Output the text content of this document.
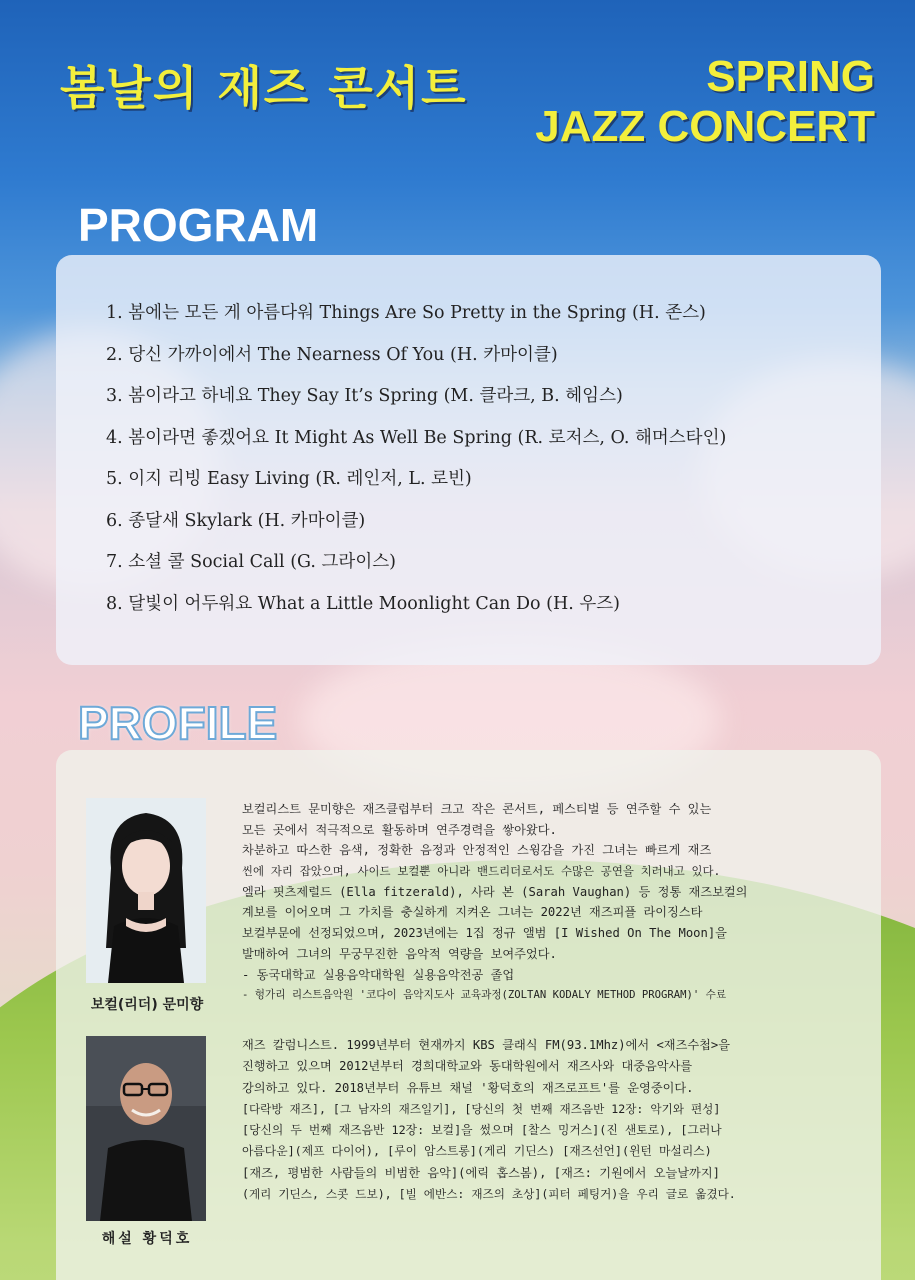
봄날의 재즈 콘서트	SPRING
JAZZ CONCERT
PROGRAM
1. 봄에는 모든 게 아름다워 Things Are So Pretty in the Spring (H. 존스)
2. 당신 가까이에서 The Nearness Of You (H. 카마이클)
3. 봄이라고 하네요 They Say It’s Spring (M. 클라크, B. 헤임스)
4. 봄이라면 좋겠어요 It Might As Well Be Spring (R. 로저스, O. 해머스타인)
5. 이지 리빙 Easy Living (R. 레인저, L. 로빈)
6. 종달새 Skylark (H. 카마이클)
7. 소셜 콜 Social Call (G. 그라이스)
8. 달빛이 어두워요 What a Little Moonlight Can Do (H. 우즈)
PROFILE
보컬(리더) 문미향
보컬리스트 문미향은 재즈클럽부터 크고 작은 콘서트, 페스티벌 등 연주할 수 있는
모든 곳에서 적극적으로 활동하며 연주경력을 쌓아왔다.
차분하고 따스한 음색, 정확한 음정과 안정적인 스윙감을 가진 그녀는 빠르게 재즈
씬에 자리 잡았으며, 사이드 보컬뿐 아니라 밴드리더로서도 수많은 공연을 치러내고 있다.
엘라 핏츠제럴드 (Ella fitzerald), 사라 본 (Sarah Vaughan) 등 정통 재즈보컬의
계보를 이어오며 그 가치를 충실하게 지켜온 그녀는 2022년 재즈피플 라이징스타
보컬부문에 선정되었으며, 2023년에는 1집 정규 앨범 [I Wished On The Moon]을
발매하여 그녀의 무궁무진한 음악적 역량을 보여주었다.
- 동국대학교 실용음악대학원 실용음악전공 졸업
- 헝가리 리스트음악원 '코다이 음악지도사 교육과정(ZOLTAN KODALY METHOD PROGRAM)' 수료
해설 황덕호
재즈 칼럼니스트. 1999년부터 현재까지 KBS 클래식 FM(93.1Mhz)에서 <재즈수첩>을
진행하고 있으며 2012년부터 경희대학교와 동대학원에서 재즈사와 대중음악사를
강의하고 있다. 2018년부터 유튜브 채널 '황덕호의 재즈로프트'를 운영중이다.
[다락방 재즈], [그 남자의 재즈일기], [당신의 첫 번째 재즈음반 12장: 악기와 편성]
[당신의 두 번째 재즈음반 12장: 보컬]을 썼으며 [찰스 밍거스](진 샌토로), [그러나
아름다운](제프 다이어), [루이 암스트롱](게리 기딘스) [재즈선언](윈턴 마설리스)
[재즈, 평범한 사람들의 비범한 음악](에릭 홉스봄), [재즈: 기원에서 오늘날까지]
(게리 기딘스, 스콧 드보), [빌 에반스: 재즈의 초상](피터 페팅거)을 우리 글로 옮겼다.
